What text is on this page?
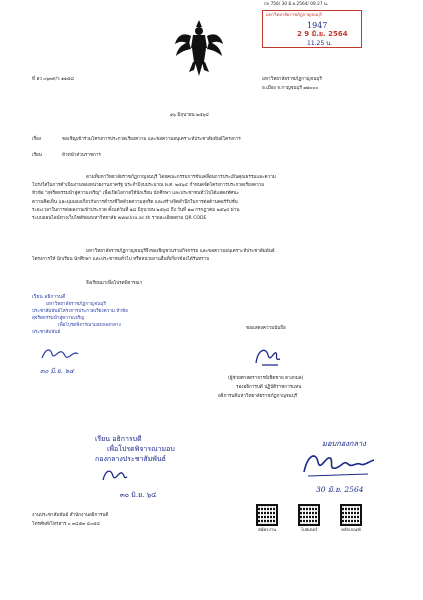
กก 756/ 30 มิ.ย.2564/ 09.27 น.
มหาวิทยาลัยราชภัฏกาญจนบุรี
1947
2 9 มิ.ย. 2564
11.25 น.
ที่ อว ๐๖๓๙/ว ๑๑๕๘	มหาวิทยาลัยราชภัฏกาญจนบุรี
อ.เมือง จ.กาญจนบุรี ๗๑๐๐๐
๑๖ มิถุนายน ๒๕๖๔
เรื่อง	ขอเชิญเข้าร่วมโครงการประกวดเรียงความ และขอความอนุเคราะห์ประชาสัมพันธ์โครงการ
เรียน	หัวหน้าส่วนราชการ
ตามที่มหาวิทยาลัยราชภัฏกาญจนบุรี โดยคณะกรรมการขับเคลื่อนการประเมินคุณธรรมและความ
โปร่งใสในการดำเนินงานของหน่วยงานภาครัฐ ประจำปีงบประมาณ พ.ศ. ๒๕๖๔ กำหนดจัดโครงการประกวดเรียงความ
หัวข้อ "สุจริตธรรมนำสู่ความเจริญ" เพื่อเปิดโอกาสให้นักเรียน นักศึกษา และประชาชนทั่วไปได้แสดงทัศนะ
ความคิดเห็น และมุมมองเกี่ยวกับการดำรงชีวิตด้วยความสุจริต และสร้างจิตสำนึกในการต่อต้านคอร์รัปชั่น
ระยะเวลาในการส่งผลงานเข้าประกวด ตั้งแต่วันที่ ๑๘ มิถุนายน ๒๕๖๔ ถึง วันที่ ๑๗ กรกฎาคม ๒๕๖๔ ผ่าน
ระบบออนไลน์ทางเว็บไซต์ของมหาวิทยาลัย www.kru.ac.th รายละเอียดตาม QR CODE
มหาวิทยาลัยราชภัฏกาญจนบุรีจึงขอเชิญชวนร่วมกิจกรรม และขอความอนุเคราะห์ประชาสัมพันธ์
โครงการให้ นักเรียน นักศึกษา และประชาชนทั่วไป หรือหน่วยงานอื่นที่เกี่ยวข้องได้รับทราบ
จึงเรียนมาเพื่อโปรดพิจารณา
เรียน อธิการบดี
มหาวิทยาลัยราชภัฏกาญจนบุรี
ประชาสัมพันธ์โครงการประกวดเรียงความ หัวข้อ
สุจริตธรรมนำสู่ความเจริญ
เพื่อโปรดพิจารณามอบกองกลาง
ประชาสัมพันธ์
๓๐ มิ.ย. ๖๔
ขอแสดงความนับถือ
(ผู้ช่วยศาสตราจารย์เชิดชาย ดวงกมล)
รองอธิการบดี ปฏิบัติราชการแทน
อธิการบดีมหาวิทยาลัยราชภัฏกาญจนบุรี
เรียน อธิการบดี
เพื่อโปรดพิจารณามอบ
กองกลางประชาสัมพันธ์
๓๐ มิ.ย. ๖๔
มอบกองกลาง
30 มิ.ย. 2564
งานประชาสัมพันธ์ สำนักงานอธิการบดี
โทรศัพท์/โทรสาร ๐ ๓๔๕๓ ๔๐๕๔
สมัครงาน	โปสเตอร์	หลักเกณฑ์
